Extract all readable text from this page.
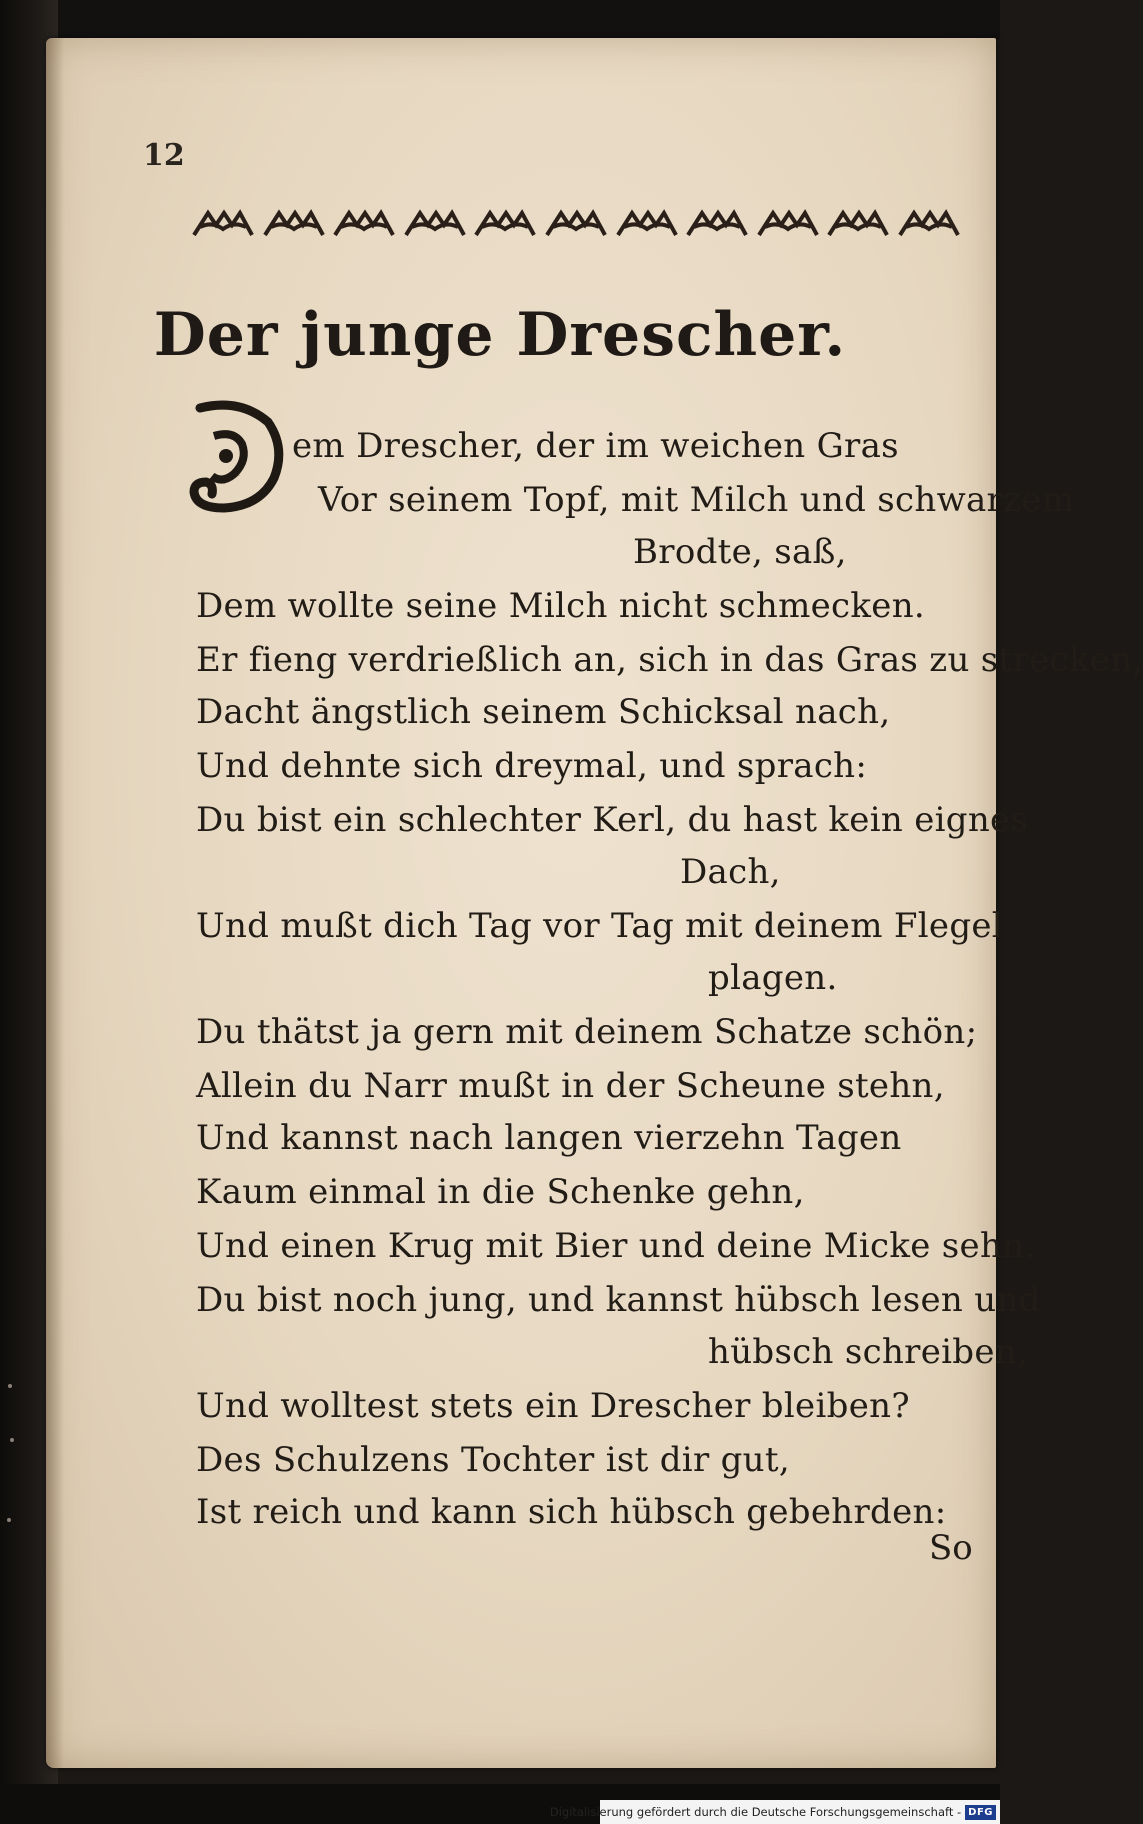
12
Der junge Drescher.
D
em Drescher, der im weichen Gras
Vor seinem Topf, mit Milch und schwarzem
Brodte, saß,
Dem wollte seine Milch nicht schmecken.
Er fieng verdrießlich an, sich in das Gras zu strecken,
Dacht ängstlich seinem Schicksal nach,
Und dehnte sich dreymal, und sprach:
Du bist ein schlechter Kerl, du hast kein eignes
Dach,
Und mußt dich Tag vor Tag mit deinem Flegel
plagen.
Du thätst ja gern mit deinem Schatze schön;
Allein du Narr mußt in der Scheune stehn,
Und kannst nach langen vierzehn Tagen
Kaum einmal in die Schenke gehn,
Und einen Krug mit Bier und deine Micke sehn.
Du bist noch jung, und kannst hübsch lesen und
hübsch schreiben,
Und wolltest stets ein Drescher bleiben?
Des Schulzens Tochter ist dir gut,
Ist reich und kann sich hübsch gebehrden:
So
Digitalisierung gefördert durch die Deutsche Forschungsgemeinschaft - DFG
